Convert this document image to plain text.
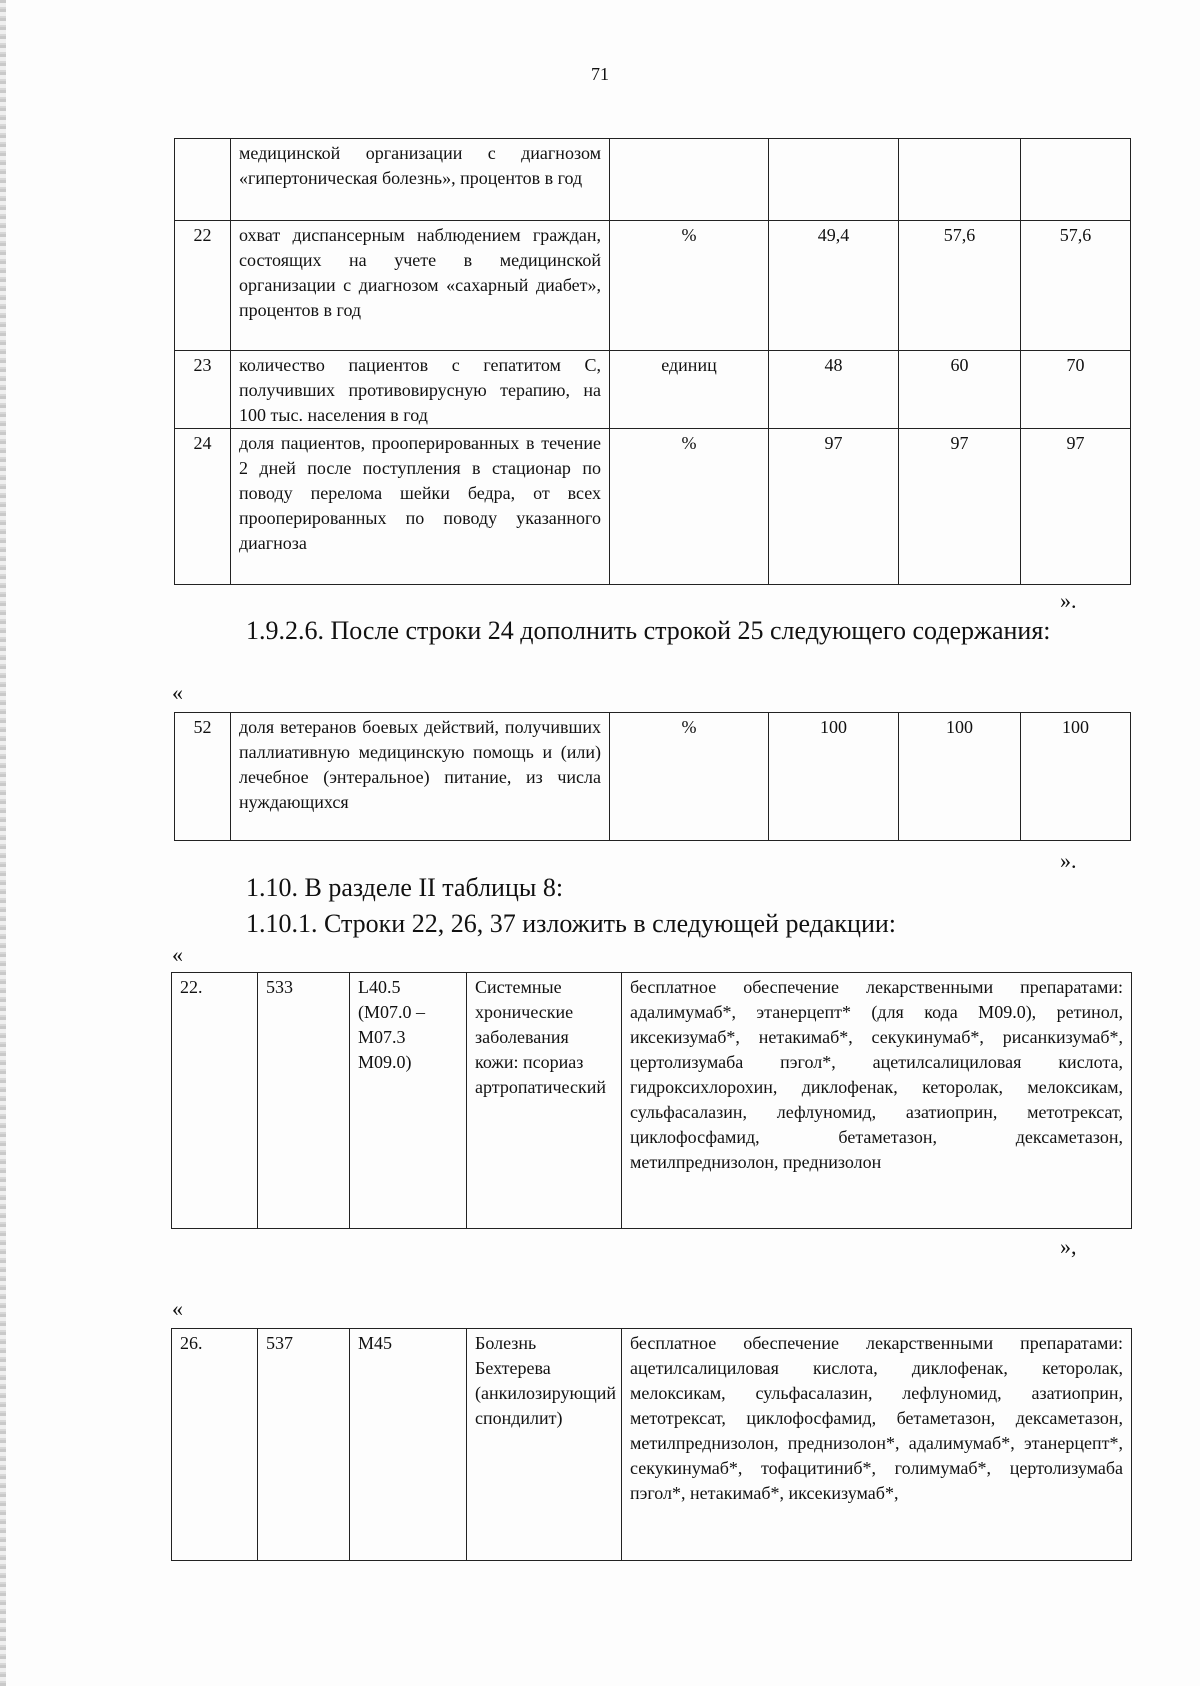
71
	медицинской организации с диагнозом «гипертоническая болезнь», процентов в год				
22	охват диспансерным наблюдением граждан, состоящих на учете в медицинской организации с диагнозом «сахарный диабет», процентов в год	%	49,4	57,6	57,6
23	количество пациентов с гепатитом С, получивших противовирусную терапию, на 100 тыс. населения в год	единиц	48	60	70
24	доля пациентов, прооперированных в течение 2 дней после поступления в стационар по поводу перелома шейки бедра, от всех прооперированных по поводу указанного диагноза	%	97	97	97
».
1.9.2.6. После строки 24 дополнить строкой 25 следующего содержания:
«
52	доля ветеранов боевых действий, получивших паллиативную медицинскую помощь и (или) лечебное (энтеральное) питание, из числа нуждающихся	%	100	100	100
».
1.10. В разделе II таблицы 8:
1.10.1. Строки 22, 26, 37 изложить в следующей редакции:
«
22.	533	L40.5 (M07.0 – M07.3 M09.0)	Системные хронические заболевания кожи: псориаз артропатический	бесплатное обеспечение лекарственными препаратами: адалимумаб*, этанерцепт* (для кода M09.0), ретинол, иксекизумаб*, нетакимаб*, секукинумаб*, рисанкизумаб*, цертолизумаба пэгол*, ацетилсалициловая кислота, гидроксихлорохин, диклофенак, кеторолак, мелоксикам, сульфасалазин, лефлуномид, азатиоприн, метотрексат, циклофосфамид, бетаметазон, дексаметазон, метилпреднизолон, преднизолон
»,
«
26.	537	M45	Болезнь Бехтерева (анкилозирующий спондилит)	бесплатное обеспечение лекарственными препаратами: ацетилсалициловая кислота, диклофенак, кеторолак, мелоксикам, сульфасалазин, лефлуномид, азатиоприн, метотрексат, циклофосфамид, бетаметазон, дексаметазон, метилпреднизолон, преднизолон*, адалимумаб*, этанерцепт*, секукинумаб*, тофацитиниб*, голимумаб*, цертолизумаба пэгол*, нетакимаб*, иксекизумаб*,
